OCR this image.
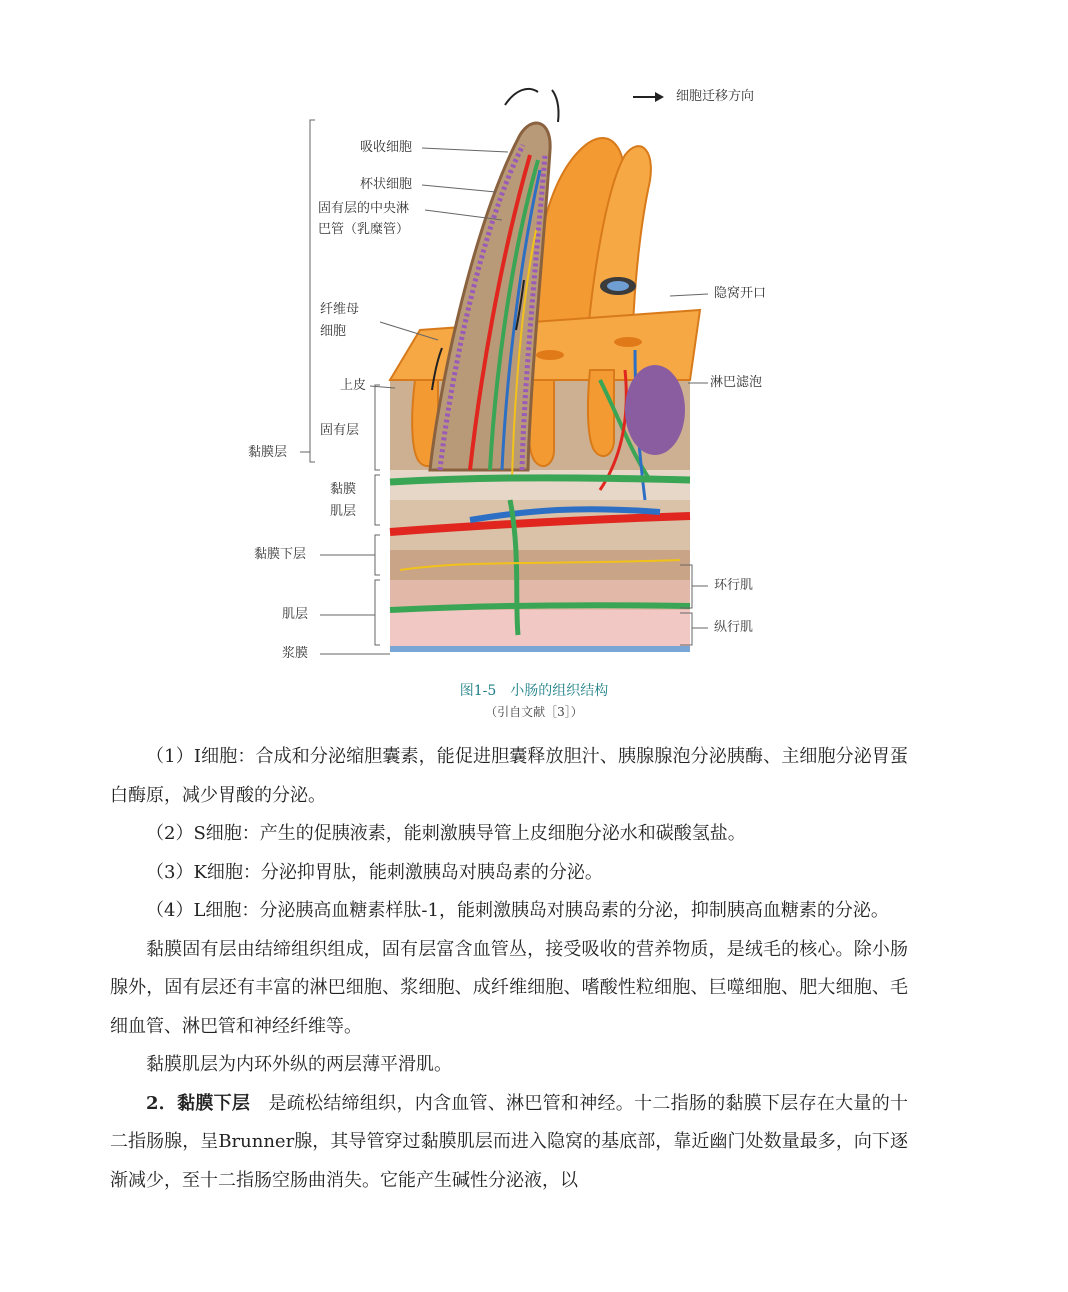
细胞迁移方向
吸收细胞
杯状细胞
固有层的中央淋
巴管（乳糜管）
纤维母
细胞
上皮
固有层
黏膜层
黏膜
肌层
黏膜下层
肌层
浆膜
隐窝开口
淋巴滤泡
环行肌
纵行肌
图1-5 小肠的组织结构
（引自文献［3］）

（1）I细胞：合成和分泌缩胆囊素，能促进胆囊释放胆汁、胰腺腺泡分泌胰酶、主细胞分泌胃蛋白酶原，减少胃酸的分泌。

（2）S细胞：产生的促胰液素，能刺激胰导管上皮细胞分泌水和碳酸氢盐。

（3）K细胞：分泌抑胃肽，能刺激胰岛对胰岛素的分泌。

（4）L细胞：分泌胰高血糖素样肽-1，能刺激胰岛对胰岛素的分泌，抑制胰高血糖素的分泌。

黏膜固有层由结缔组织组成，固有层富含血管丛，接受吸收的营养物质，是绒毛的核心。除小肠腺外，固有层还有丰富的淋巴细胞、浆细胞、成纤维细胞、嗜酸性粒细胞、巨噬细胞、肥大细胞、毛细血管、淋巴管和神经纤维等。

黏膜肌层为内环外纵的两层薄平滑肌。

2．黏膜下层　是疏松结缔组织，内含血管、淋巴管和神经。十二指肠的黏膜下层存在大量的十二指肠腺，呈Brunner腺，其导管穿过黏膜肌层而进入隐窝的基底部，靠近幽门处数量最多，向下逐渐减少，至十二指肠空肠曲消失。它能产生碱性分泌液，以
